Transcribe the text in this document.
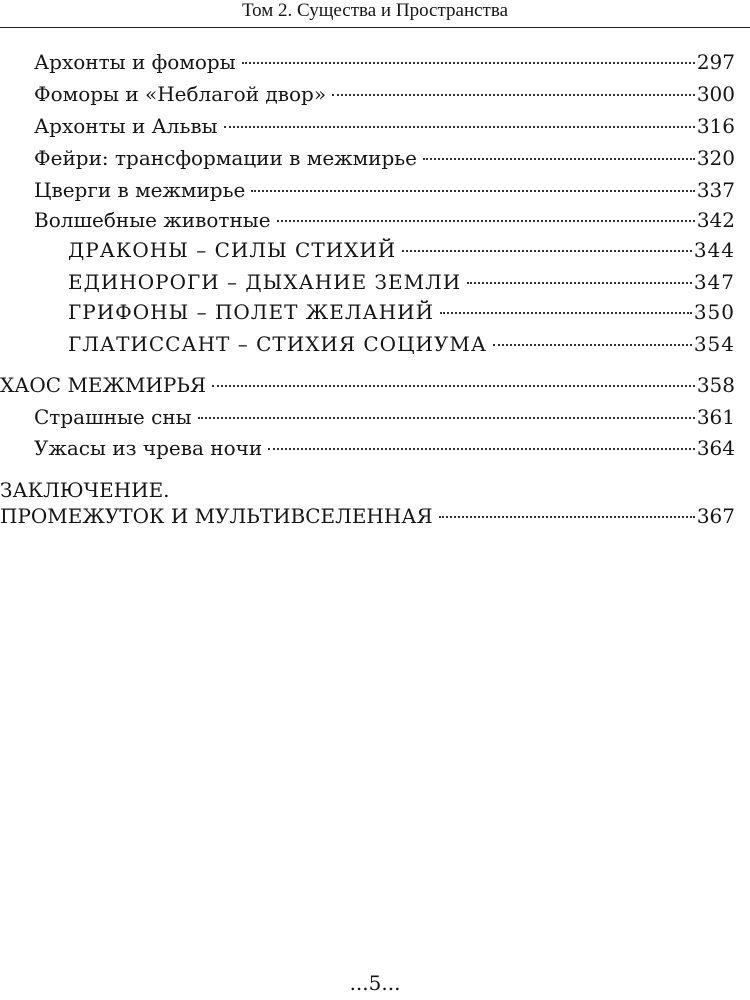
Том 2. Существа и Пространства
Архонты и фоморы	297
Фоморы и «Неблагой двор»	300
Архонты и Альвы	316
Фейри: трансформации в межмирье	320
Цверги в межмирье	337
Волшебные животные	342
ДРАКОНЫ – СИЛЫ СТИХИЙ	344
ЕДИНОРОГИ – ДЫХАНИЕ ЗЕМЛИ	347
ГРИФОНЫ – ПОЛЕТ ЖЕЛАНИЙ	350
ГЛАТИССАНТ – СТИХИЯ СОЦИУМА	354
ХАОС МЕЖМИРЬЯ	358
Страшные сны	361
Ужасы из чрева ночи	364
ЗАКЛЮЧЕНИЕ.
ПРОМЕЖУТОК И МУЛЬТИВСЕЛЕННАЯ	367
...5...
